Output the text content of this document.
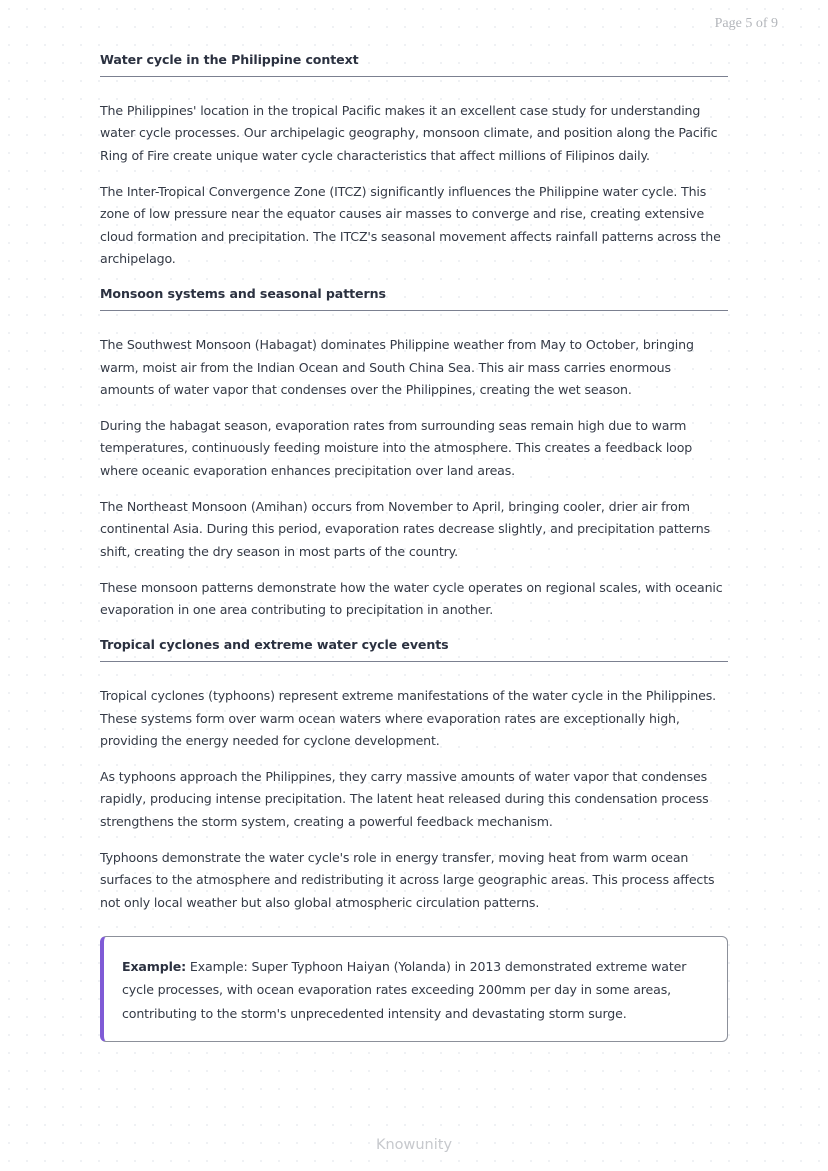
Page 5 of 9
Water cycle in the Philippine context

The Philippines' location in the tropical Pacific makes it an excellent case study for understanding water cycle processes. Our archipelagic geography, monsoon climate, and position along the Pacific Ring of Fire create unique water cycle characteristics that affect millions of Filipinos daily.

The Inter-Tropical Convergence Zone (ITCZ) significantly influences the Philippine water cycle. This zone of low pressure near the equator causes air masses to converge and rise, creating extensive cloud formation and precipitation. The ITCZ's seasonal movement affects rainfall patterns across the archipelago.

Monsoon systems and seasonal patterns

The Southwest Monsoon (Habagat) dominates Philippine weather from May to October, bringing warm, moist air from the Indian Ocean and South China Sea. This air mass carries enormous amounts of water vapor that condenses over the Philippines, creating the wet season.

During the habagat season, evaporation rates from surrounding seas remain high due to warm temperatures, continuously feeding moisture into the atmosphere. This creates a feedback loop where oceanic evaporation enhances precipitation over land areas.

The Northeast Monsoon (Amihan) occurs from November to April, bringing cooler, drier air from continental Asia. During this period, evaporation rates decrease slightly, and precipitation patterns shift, creating the dry season in most parts of the country.

These monsoon patterns demonstrate how the water cycle operates on regional scales, with oceanic evaporation in one area contributing to precipitation in another.

Tropical cyclones and extreme water cycle events

Tropical cyclones (typhoons) represent extreme manifestations of the water cycle in the Philippines. These systems form over warm ocean waters where evaporation rates are exceptionally high, providing the energy needed for cyclone development.

As typhoons approach the Philippines, they carry massive amounts of water vapor that condenses rapidly, producing intense precipitation. The latent heat released during this condensation process strengthens the storm system, creating a powerful feedback mechanism.

Typhoons demonstrate the water cycle's role in energy transfer, moving heat from warm ocean surfaces to the atmosphere and redistributing it across large geographic areas. This process affects not only local weather but also global atmospheric circulation patterns.

Example: Example: Super Typhoon Haiyan (Yolanda) in 2013 demonstrated extreme water cycle processes, with ocean evaporation rates exceeding 200mm per day in some areas, contributing to the storm's unprecedented intensity and devastating storm surge.

Knowunity
